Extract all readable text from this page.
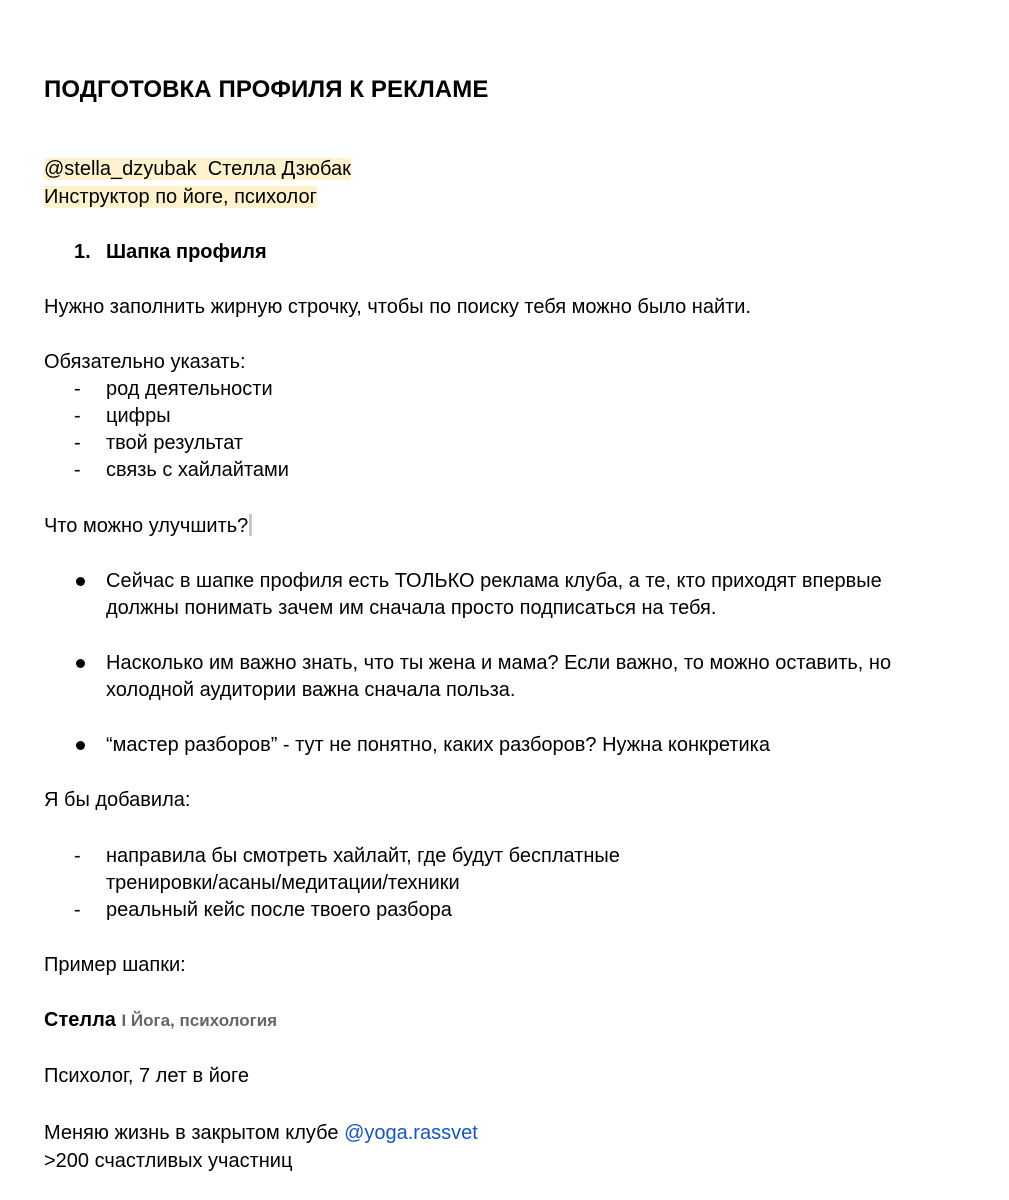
ПОДГОТОВКА ПРОФИЛЯ К РЕКЛАМЕ
@stella_dzyubak Стелла Дзюбак
Инструктор по йоге, психолог
1. Шапка профиля
Нужно заполнить жирную строчку, чтобы по поиску тебя можно было найти.
Обязательно указать:
- род деятельности
- цифры
- твой результат
- связь с хайлайтами
Что можно улучшить?
Сейчас в шапке профиля есть ТОЛЬКО реклама клуба, а те, кто приходят впервые
должны понимать зачем им сначала просто подписаться на тебя.
Насколько им важно знать, что ты жена и мама? Если важно, то можно оставить, но
холодной аудитории важна сначала польза.
“мастер разборов” - тут не понятно, каких разборов? Нужна конкретика
Я бы добавила:
- направила бы смотреть хайлайт, где будут бесплатные
тренировки/асаны/медитации/техники
- реальный кейс после твоего разбора
Пример шапки:
Стелла I Йога, психология
Психолог, 7 лет в йоге
Меняю жизнь в закрытом клубе @yoga.rassvet
>200 счастливых участниц
